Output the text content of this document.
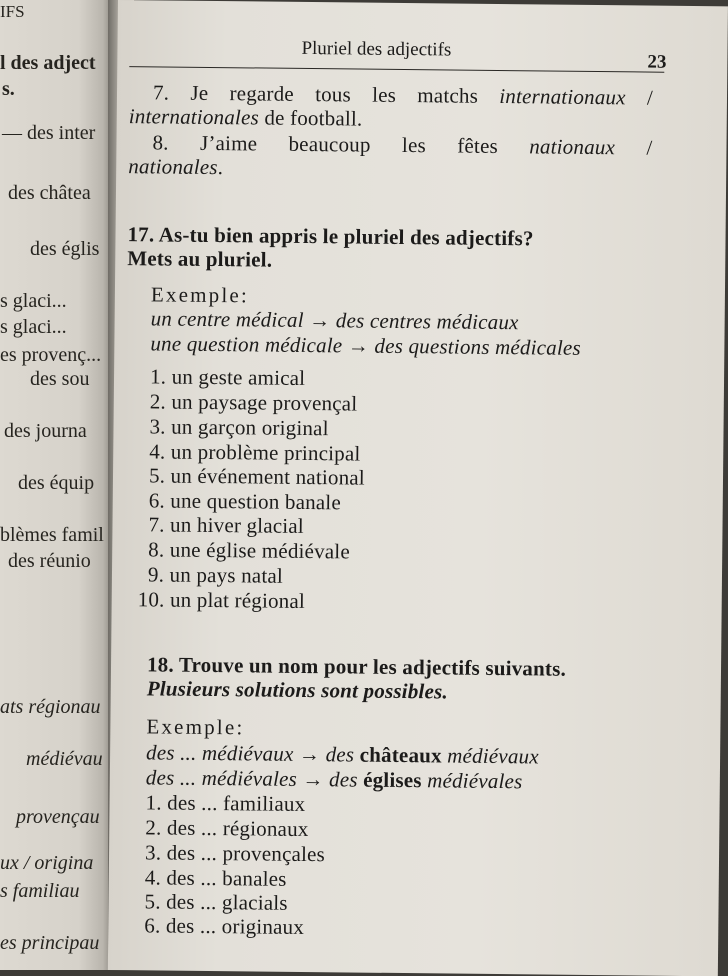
IFS
l des adject
s.
— des inter
des châtea
des églis
s glaci...
s glaci...
es provenç...
des sou
des journa
des équip
blèmes famil
des réunio
ats régionau
médiévau
provençau
ux / origina
s familiau
es principau
Pluriel des adjectifs
23
7. Je regarde tous les matchs internationaux /
internationales de football.
8. J’aime beaucoup les fêtes nationaux /
nationales.
17. As-tu bien appris le pluriel des adjectifs?
Mets au pluriel.
Exemple:
un centre médical → des centres médicaux
une question médicale → des questions médicales
1. un geste amical
2. un paysage provençal
3. un garçon original
4. un problème principal
5. un événement national
6. une question banale
7. un hiver glacial
8. une église médiévale
9. un pays natal
10. un plat régional
18. Trouve un nom pour les adjectifs suivants.
Plusieurs solutions sont possibles.
Exemple:
des ... médiévaux → des châteaux médiévaux
des ... médiévales → des églises médiévales
1. des ... familiaux
2. des ... régionaux
3. des ... provençales
4. des ... banales
5. des ... glacials
6. des ... originaux
